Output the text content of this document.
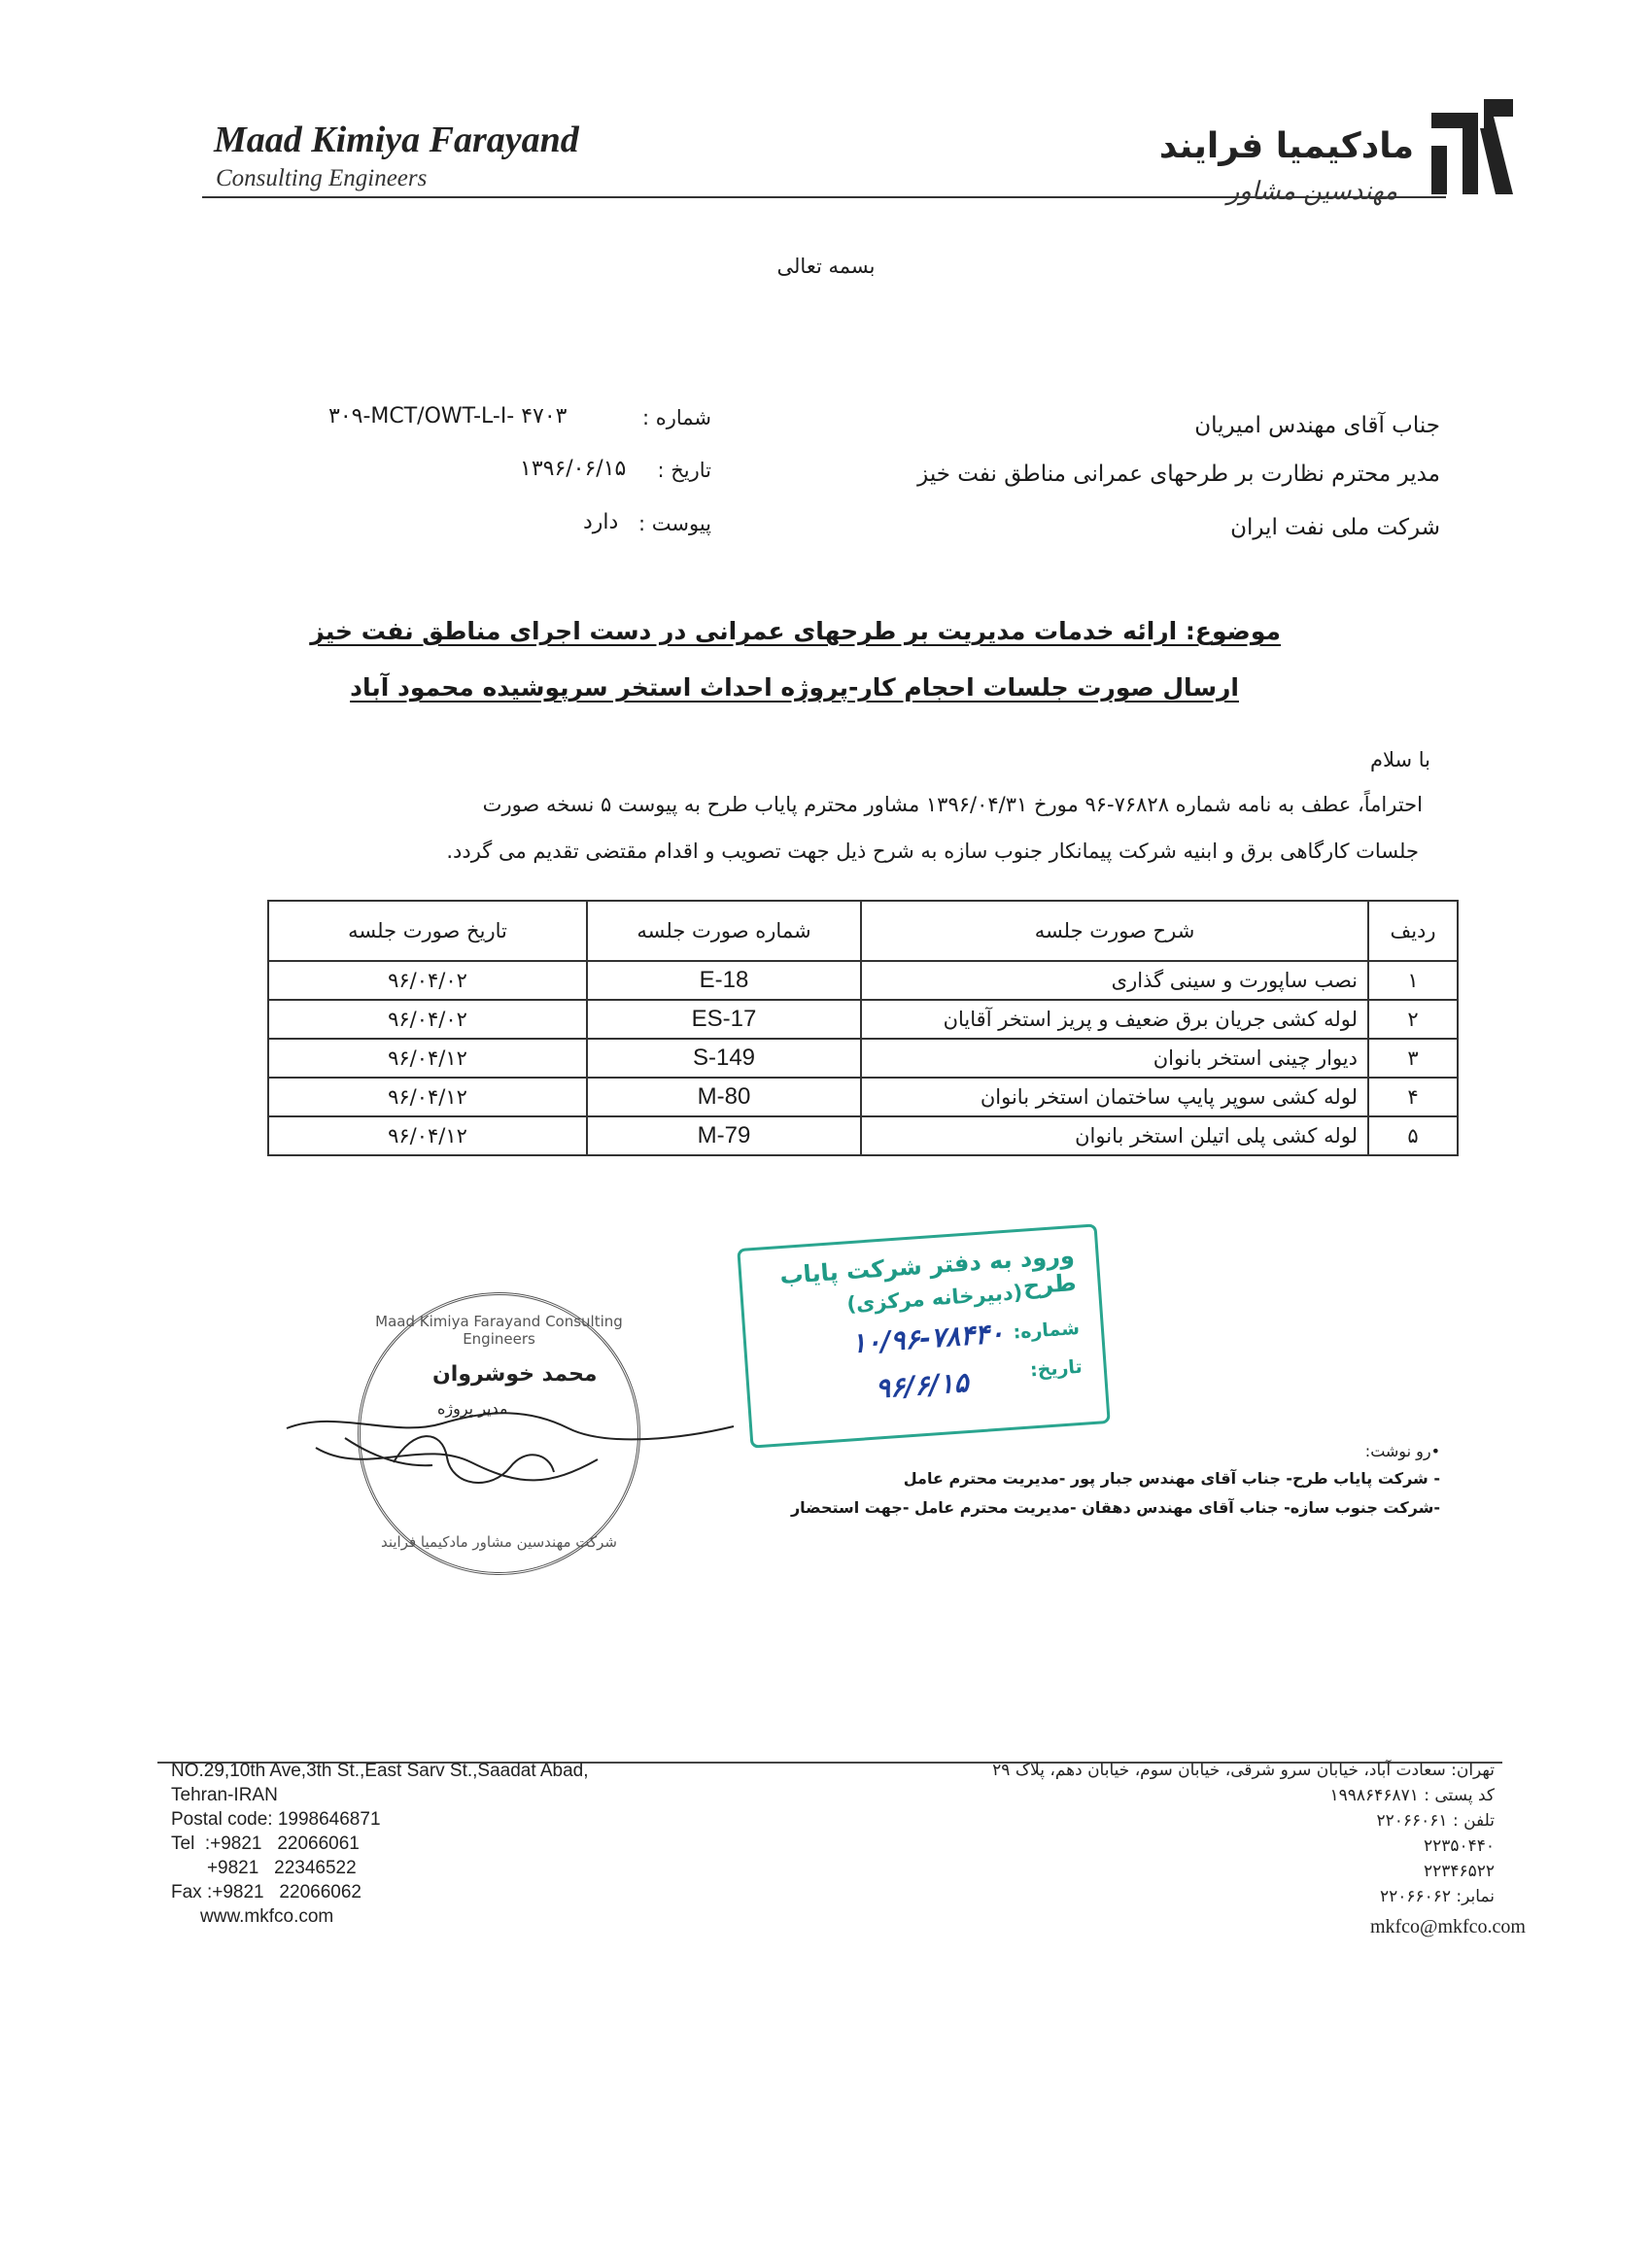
Maad Kimiya Farayand
Consulting Engineers
مادکیمیا فرایند
مهندسین مشاور
بسمه تعالی
جناب آقای مهندس امیریان
مدیر محترم نظارت بر طرحهای عمرانی مناطق نفت خیز
شرکت ملی نفت ایران
شماره :
۳۰۹-MCT/OWT-L-I- ۴۷۰۳
تاریخ :
۱۳۹۶/۰۶/۱۵
پیوست :
دارد
موضوع: ارائه خدمات مدیریت بر طرحهای عمرانی در دست اجرای مناطق نفت خیز
ارسال صورت جلسات احجام کار-پروژه احداث استخر سرپوشیده محمود آباد
با سلام
احتراماً، عطف به نامه شماره ۷۶۸۲۸-۹۶ مورخ ۱۳۹۶/۰۴/۳۱ مشاور محترم پایاب طرح به پیوست ۵ نسخه صورت
جلسات کارگاهی برق و ابنیه شرکت پیمانکار جنوب سازه به شرح ذیل جهت تصویب و اقدام مقتضی تقدیم می گردد.
ردیف	شرح صورت جلسه	شماره صورت جلسه	تاریخ صورت جلسه
۱	نصب ساپورت و سینی گذاری	E-18	۹۶/۰۴/۰۲
۲	لوله کشی جریان برق ضعیف و پریز استخر آقایان	ES-17	۹۶/۰۴/۰۲
۳	دیوار چینی استخر بانوان	S-149	۹۶/۰۴/۱۲
۴	لوله کشی سوپر پایپ ساختمان استخر بانوان	M-80	۹۶/۰۴/۱۲
۵	لوله کشی پلی اتیلن استخر بانوان	M-79	۹۶/۰۴/۱۲
ورود به دفتر شرکت پایاب طرح
(دبیرخانه مرکزی)
شماره:
۱۰/۹۶-۷۸۴۴۰
تاریخ:
۹۶/۶/۱۵
Maad Kimiya Farayand Consulting Engineers
شرکت مهندسین مشاور مادکیمیا فرایند
محمد خوشروان
مدیر پروژه
•رو نوشت:
- شرکت پایاب طرح- جناب آقای مهندس جبار پور -مدیریت محترم عامل
-شرکت جنوب سازه- جناب آقای مهندس دهقان -مدیریت محترم عامل -جهت استحضار
NO.29,10th Ave,3th St.,East Sarv St.,Saadat Abad,
Tehran-IRAN
Postal code: 1998646871
Tel  :+9821   22066061
+9821   22346522
Fax :+9821   22066062
www.mkfco.com
تهران: سعادت آباد، خیابان سرو شرقی، خیابان سوم، خیابان دهم، پلاک ۲۹
کد پستی : ۱۹۹۸۶۴۶۸۷۱
تلفن : ۲۲۰۶۶۰۶۱
۲۲۳۵۰۴۴۰
۲۲۳۴۶۵۲۲
نمابر: ۲۲۰۶۶۰۶۲
mkfco@mkfco.com
